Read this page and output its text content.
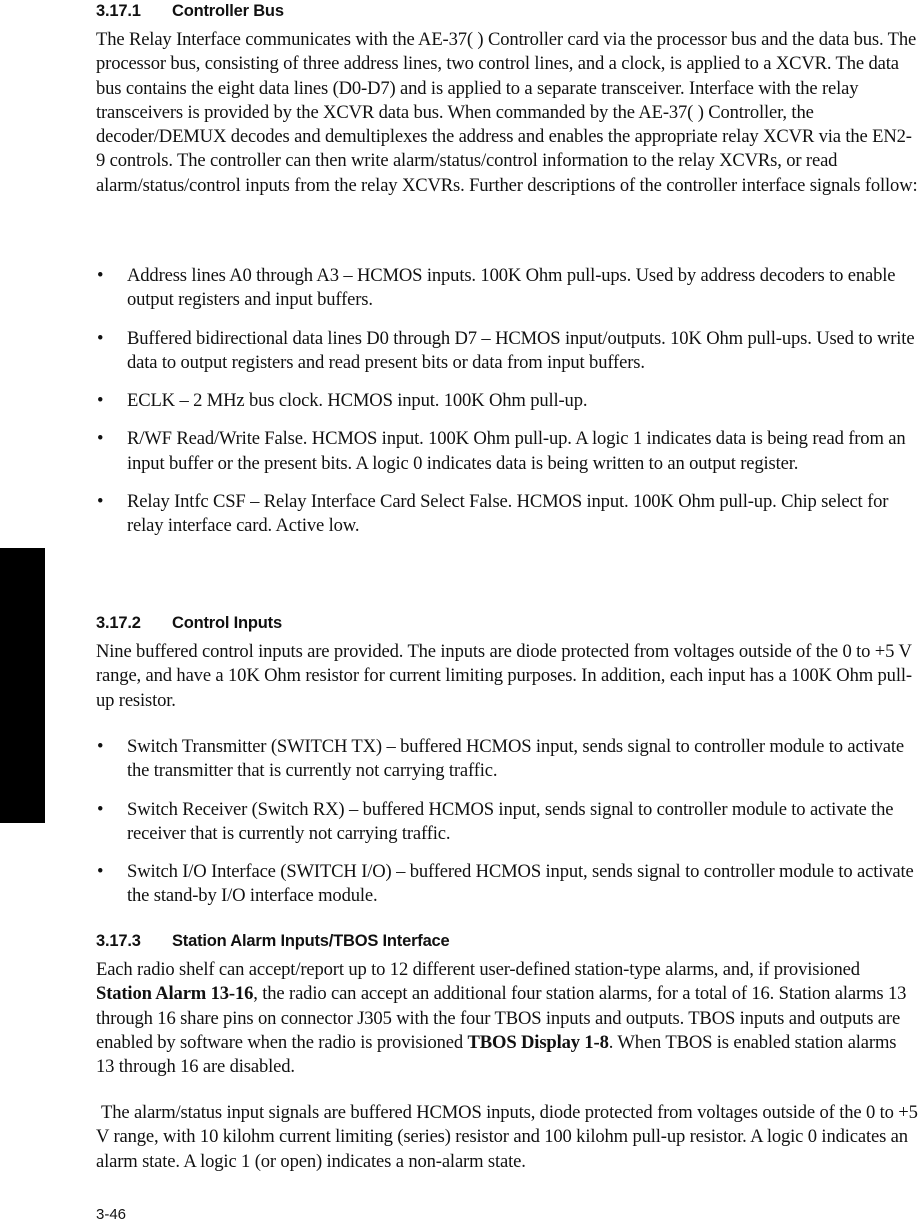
3.17.1 Controller Bus

The Relay Interface communicates with the AE-37( ) Controller card via the processor bus and the data bus. The processor bus, consisting of three address lines, two control lines, and a clock, is applied to a XCVR. The data bus contains the eight data lines (D0-D7) and is applied to a separate transceiver. Interface with the relay transceivers is provided by the XCVR data bus. When commanded by the AE-37( ) Controller, the decoder/DEMUX decodes and demultiplexes the address and enables the appropriate relay XCVR via the EN2-9 controls. The controller can then write alarm/status/control information to the relay XCVRs, or read alarm/status/control inputs from the relay XCVRs. Further descriptions of the controller interface signals follow:

• Address lines A0 through A3 – HCMOS inputs. 100K Ohm pull-ups. Used by address decoders to enable output registers and input buffers.
• Buffered bidirectional data lines D0 through D7 – HCMOS input/outputs. 10K Ohm pull-ups. Used to write data to output registers and read present bits or data from input buffers.
• ECLK – 2 MHz bus clock. HCMOS input. 100K Ohm pull-up.
• R/WF Read/Write False. HCMOS input. 100K Ohm pull-up. A logic 1 indicates data is being read from an input buffer or the present bits. A logic 0 indicates data is being written to an output register.
• Relay Intfc CSF – Relay Interface Card Select False. HCMOS input. 100K Ohm pull-up. Chip select for relay interface card. Active low.
3.17.2 Control Inputs

Nine buffered control inputs are provided. The inputs are diode protected from voltages outside of the 0 to +5 V range, and have a 10K Ohm resistor for current limiting purposes. In addition, each input has a 100K Ohm pull-up resistor.

• Switch Transmitter (SWITCH TX) – buffered HCMOS input, sends signal to controller module to activate the transmitter that is currently not carrying traffic.
• Switch Receiver (Switch RX) – buffered HCMOS input, sends signal to controller module to activate the receiver that is currently not carrying traffic.
• Switch I/O Interface (SWITCH I/O) – buffered HCMOS input, sends signal to controller module to activate the stand-by I/O interface module.
3.17.3 Station Alarm Inputs/TBOS Interface

Each radio shelf can accept/report up to 12 different user-defined station-type alarms, and, if provisioned Station Alarm 13-16, the radio can accept an additional four station alarms, for a total of 16. Station alarms 13 through 16 share pins on connector J305 with the four TBOS inputs and outputs. TBOS inputs and outputs are enabled by software when the radio is provisioned TBOS Display 1-8. When TBOS is enabled station alarms 13 through 16 are disabled.

The alarm/status input signals are buffered HCMOS inputs, diode protected from voltages outside of the 0 to +5 V range, with 10 kilohm current limiting (series) resistor and 100 kilohm pull-up resistor. A logic 0 indicates an alarm state. A logic 1 (or open) indicates a non-alarm state.

3-46
